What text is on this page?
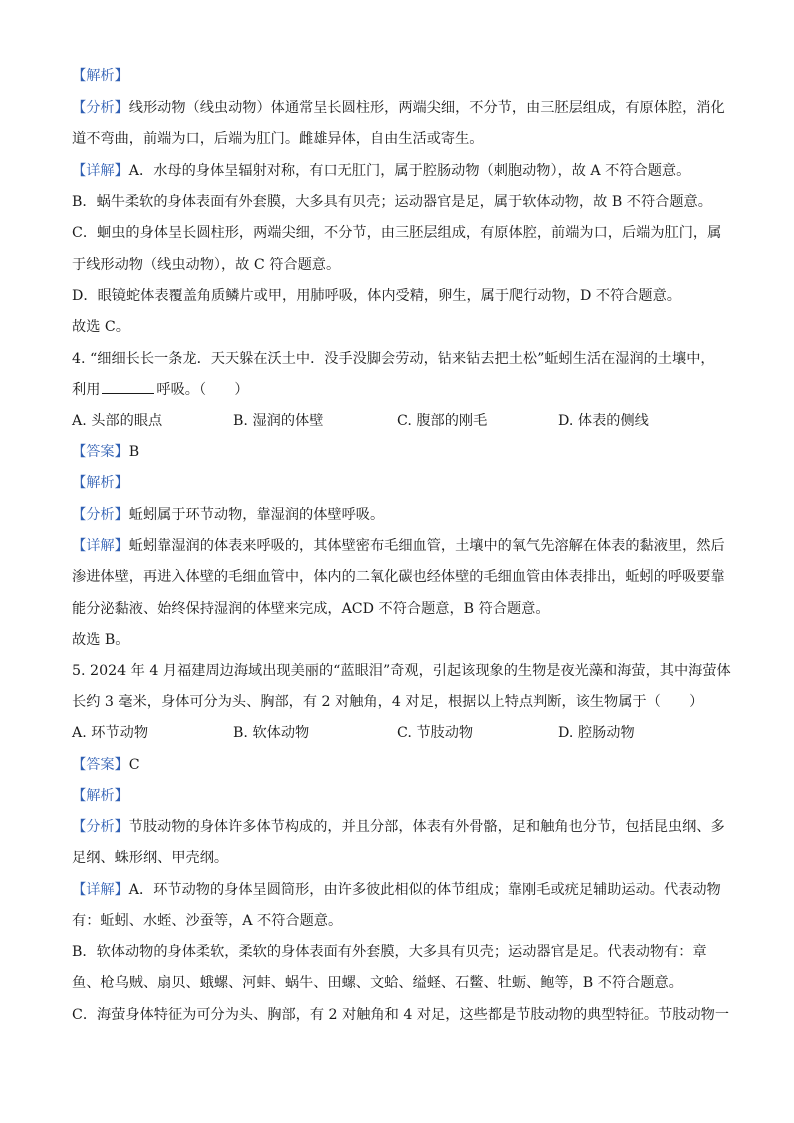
【解析】
【分析】线形动物（线虫动物）体通常呈长圆柱形，两端尖细，不分节，由三胚层组成，有原体腔，消化
道不弯曲，前端为口，后端为肛门。雌雄异体，自由生活或寄生。
【详解】A．水母的身体呈辐射对称，有口无肛门，属于腔肠动物（刺胞动物），故 A 不符合题意。
B．蜗牛柔软的身体表面有外套膜，大多具有贝壳；运动器官是足，属于软体动物，故 B 不符合题意。
C．蛔虫的身体呈长圆柱形，两端尖细，不分节，由三胚层组成，有原体腔，前端为口，后端为肛门，属
于线形动物（线虫动物），故 C 符合题意。
D．眼镜蛇体表覆盖角质鳞片或甲，用肺呼吸，体内受精，卵生，属于爬行动物，D 不符合题意。
故选 C。
4. “细细长长一条龙．天天躲在沃土中．没手没脚会劳动，钻来钻去把土松”蚯蚓生活在湿润的土壤中，
利用	呼吸。（　　）
A. 头部的眼点	B. 湿润的体壁	C. 腹部的刚毛	D. 体表的侧线
【答案】B
【解析】
【分析】蚯蚓属于环节动物，靠湿润的体壁呼吸。
【详解】蚯蚓靠湿润的体表来呼吸的，其体壁密布毛细血管，土壤中的氧气先溶解在体表的黏液里，然后
渗进体壁，再进入体壁的毛细血管中，体内的二氧化碳也经体壁的毛细血管由体表排出，蚯蚓的呼吸要靠
能分泌黏液、始终保持湿润的体壁来完成，ACD 不符合题意，B 符合题意。
故选 B。
5. 2024 年 4 月福建周边海域出现美丽的“蓝眼泪”奇观，引起该现象的生物是夜光藻和海萤，其中海萤体
长约 3 毫米，身体可分为头、胸部，有 2 对触角，4 对足，根据以上特点判断，该生物属于（　　）
A. 环节动物	B. 软体动物	C. 节肢动物	D. 腔肠动物
【答案】C
【解析】
【分析】节肢动物的身体许多体节构成的，并且分部，体表有外骨骼，足和触角也分节，包括昆虫纲、多
足纲、蛛形纲、甲壳纲。
【详解】A．环节动物的身体呈圆筒形，由许多彼此相似的体节组成；靠刚毛或疣足辅助运动。代表动物
有：蚯蚓、水蛭、沙蚕等，A 不符合题意。
B．软体动物的身体柔软，柔软的身体表面有外套膜，大多具有贝壳；运动器官是足。代表动物有：章
鱼、枪乌贼、扇贝、蛾螺、河蚌、蜗牛、田螺、文蛤、缢蛏、石鳖、牡蛎、鲍等，B 不符合题意。
C．海萤身体特征为可分为头、胸部，有 2 对触角和 4 对足，这些都是节肢动物的典型特征。节肢动物一
